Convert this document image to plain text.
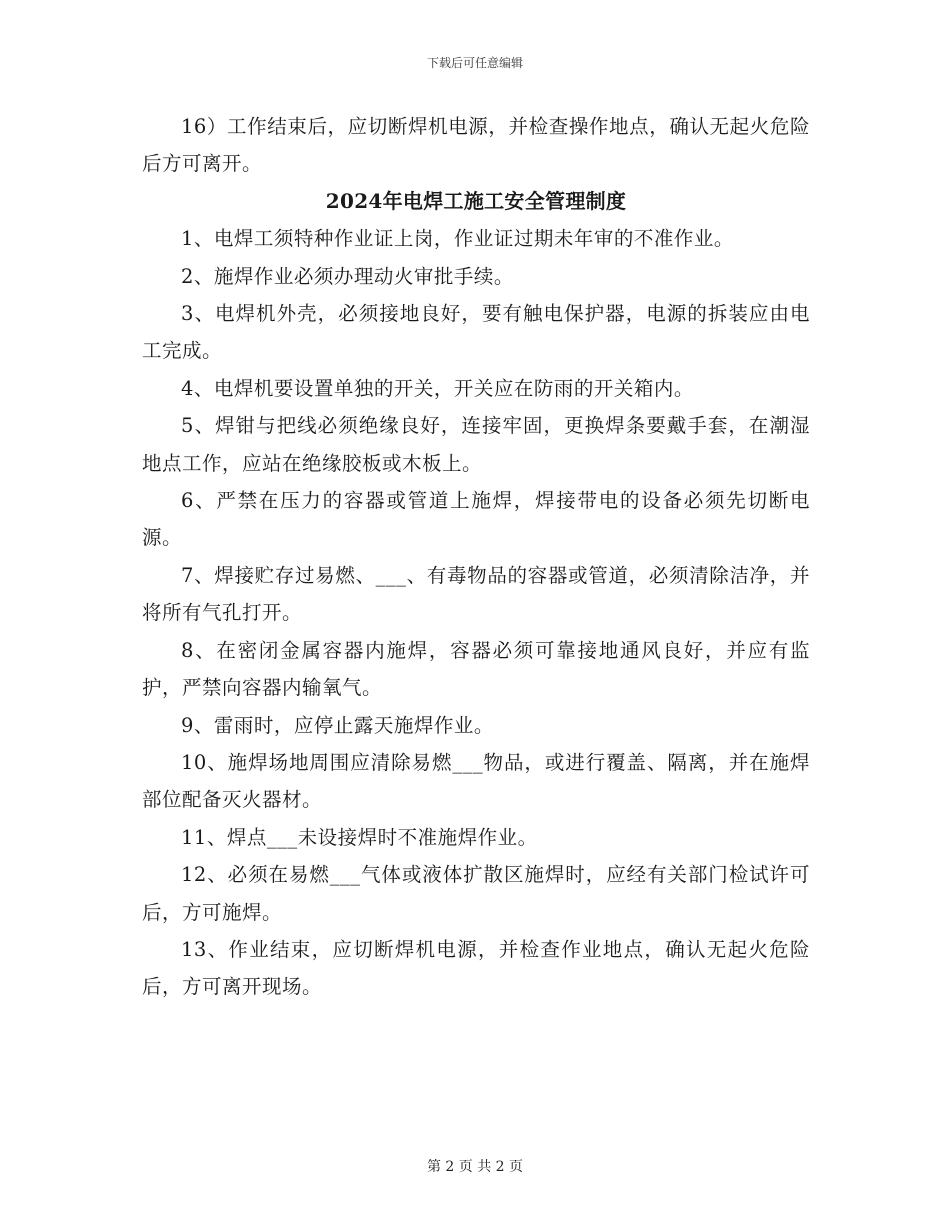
下载后可任意编辑

16）工作结束后，应切断焊机电源，并检查操作地点，确认无起火危险后方可离开。

2024年电焊工施工安全管理制度

1、电焊工须特种作业证上岗，作业证过期未年审的不准作业。

2、施焊作业必须办理动火审批手续。

3、电焊机外壳，必须接地良好，要有触电保护器，电源的拆装应由电工完成。

4、电焊机要设置单独的开关，开关应在防雨的开关箱内。

5、焊钳与把线必须绝缘良好，连接牢固，更换焊条要戴手套，在潮湿地点工作，应站在绝缘胶板或木板上。

6、严禁在压力的容器或管道上施焊，焊接带电的设备必须先切断电源。

7、焊接贮存过易燃、___、有毒物品的容器或管道，必须清除洁净，并将所有气孔打开。

8、在密闭金属容器内施焊，容器必须可靠接地通风良好，并应有监护，严禁向容器内输氧气。

9、雷雨时，应停止露天施焊作业。

10、施焊场地周围应清除易燃___物品，或进行覆盖、隔离，并在施焊部位配备灭火器材。

11、焊点___未设接焊时不准施焊作业。

12、必须在易燃___气体或液体扩散区施焊时，应经有关部门检试许可后，方可施焊。

13、作业结束，应切断焊机电源，并检查作业地点，确认无起火危险后，方可离开现场。

第 2 页 共 2 页
